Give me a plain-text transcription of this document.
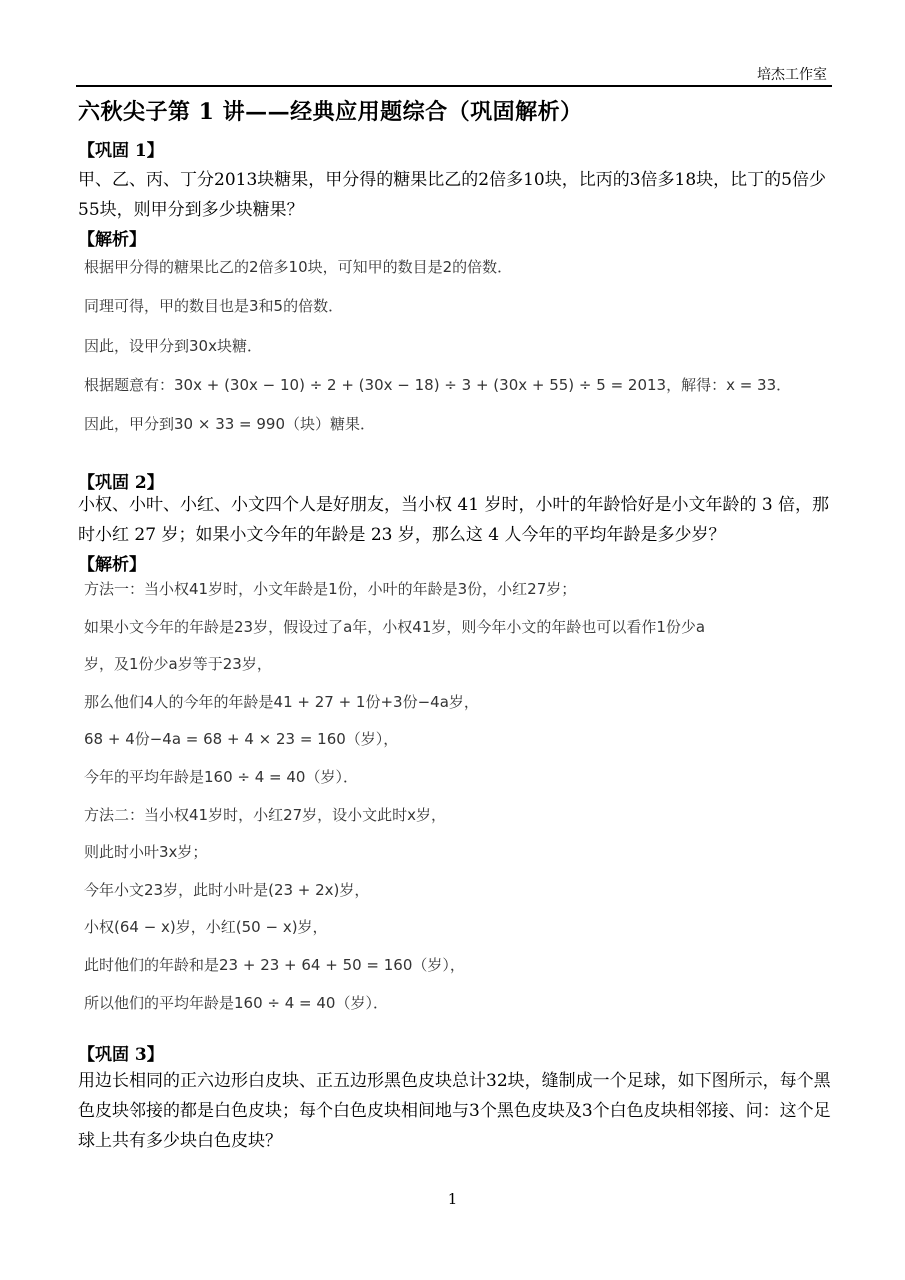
培杰工作室
六秋尖子第 1 讲——经典应用题综合（巩固解析）
【巩固 1】
甲、乙、丙、丁分2013块糖果，甲分得的糖果比乙的2倍多10块，比丙的3倍多18块，比丁的5倍少55块，则甲分到多少块糖果？
【解析】

根据甲分得的糖果比乙的2倍多10块，可知甲的数目是2的倍数．

同理可得，甲的数目也是3和5的倍数．

因此，设甲分到30x块糖．

根据题意有：30x + (30x − 10) ÷ 2 + (30x − 18) ÷ 3 + (30x + 55) ÷ 5 = 2013，解得：x = 33．

因此，甲分到30 × 33 = 990（块）糖果．

【巩固 2】
小权、小叶、小红、小文四个人是好朋友，当小权 41 岁时，小叶的年龄恰好是小文年龄的 3 倍，那时小红 27 岁；如果小文今年的年龄是 23 岁，那么这 4 人今年的平均年龄是多少岁？
【解析】

方法一：当小权41岁时，小文年龄是1份，小叶的年龄是3份，小红27岁；

如果小文今年的年龄是23岁，假设过了a年，小权41岁，则今年小文的年龄也可以看作1份少a

岁，及1份少a岁等于23岁，

那么他们4人的今年的年龄是41 + 27 + 1份+3份−4a岁，

68 + 4份−4a = 68 + 4 × 23 = 160（岁），

今年的平均年龄是160 ÷ 4 = 40（岁）．

方法二：当小权41岁时，小红27岁，设小文此时x岁，

则此时小叶3x岁；

今年小文23岁，此时小叶是(23 + 2x)岁，

小权(64 − x)岁，小红(50 − x)岁，

此时他们的年龄和是23 + 23 + 64 + 50 = 160（岁），

所以他们的平均年龄是160 ÷ 4 = 40（岁）．

【巩固 3】
用边长相同的正六边形白皮块、正五边形黑色皮块总计32块，缝制成一个足球，如下图所示，每个黑色皮块邻接的都是白色皮块；每个白色皮块相间地与3个黑色皮块及3个白色皮块相邻接、问：这个足球上共有多少块白色皮块？
1
